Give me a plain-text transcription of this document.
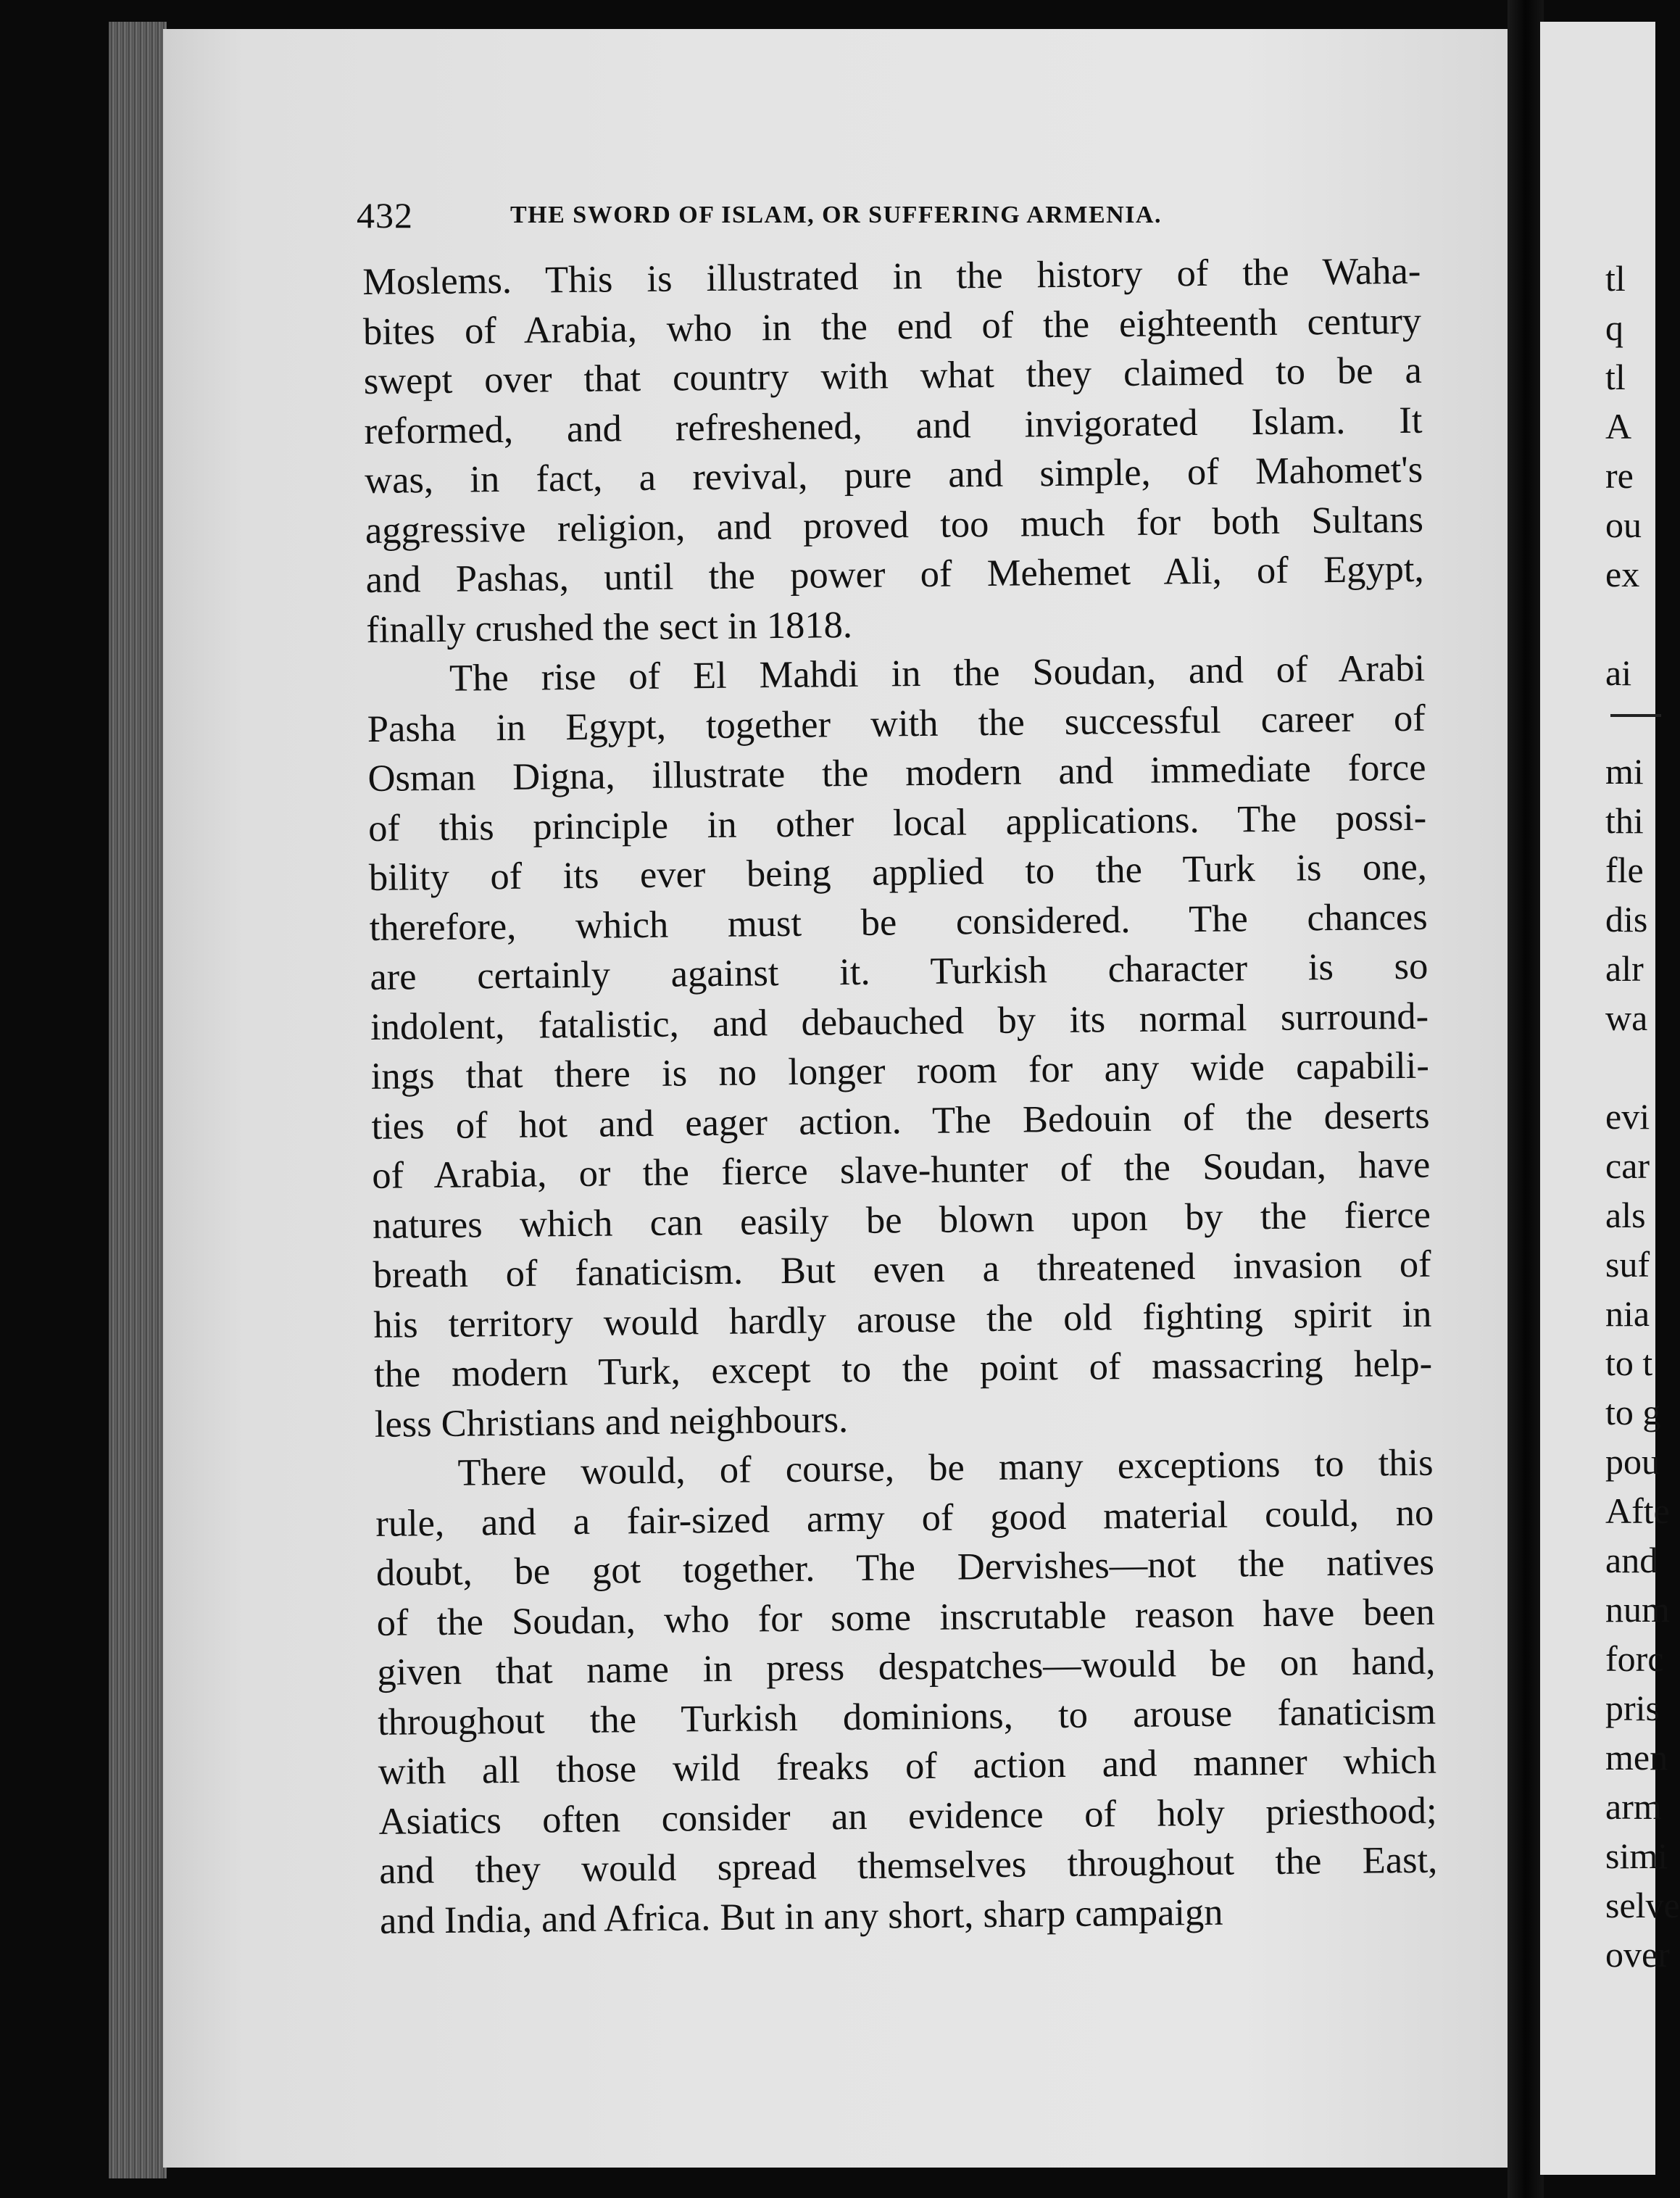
432	THE SWORD OF ISLAM, OR SUFFERING ARMENIA.
Moslems. This is illustrated in the history of the Waha-
bites of Arabia, who in the end of the eighteenth century
swept over that country with what they claimed to be a
reformed, and refreshened, and invigorated Islam. It
was, in fact, a revival, pure and simple, of Mahomet's
aggressive religion, and proved too much for both Sultans
and Pashas, until the power of Mehemet Ali, of Egypt,
finally crushed the sect in 1818.
The rise of El Mahdi in the Soudan, and of Arabi
Pasha in Egypt, together with the successful career of
Osman Digna, illustrate the modern and immediate force
of this principle in other local applications. The possi-
bility of its ever being applied to the Turk is one,
therefore, which must be considered. The chances
are certainly against it. Turkish character is so
indolent, fatalistic, and debauched by its normal surround-
ings that there is no longer room for any wide capabili-
ties of hot and eager action. The Bedouin of the deserts
of Arabia, or the fierce slave-hunter of the Soudan, have
natures which can easily be blown upon by the fierce
breath of fanaticism. But even a threatened invasion of
his territory would hardly arouse the old fighting spirit in
the modern Turk, except to the point of massacring help-
less Christians and neighbours.
There would, of course, be many exceptions to this
rule, and a fair-sized army of good material could, no
doubt, be got together. The Dervishes—not the natives
of the Soudan, who for some inscrutable reason have been
given that name in press despatches—would be on hand,
throughout the Turkish dominions, to arouse fanaticism
with all those wild freaks of action and manner which
Asiatics often consider an evidence of holy priesthood;
and they would spread themselves throughout the East,
and India, and Africa. But in any short, sharp campaign
tl
q
tl
A
re
ou
ex
ai
mi
thi
fle
dis
alr
wa
evi
car
als
suf
nia
to t
to g
pou
Afte
and
num
forc
pris
men
arm
simi
selve
over
